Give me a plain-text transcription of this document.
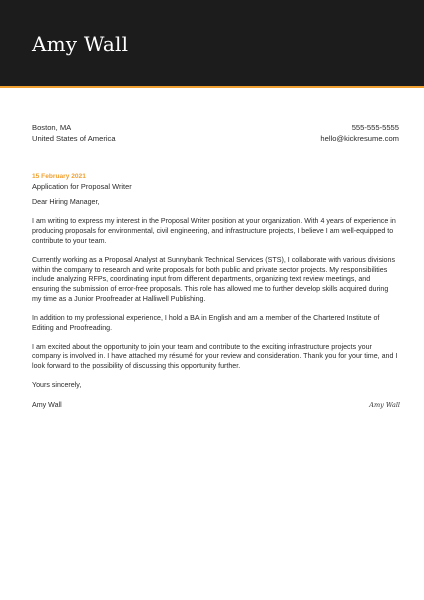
Amy Wall
Boston, MA
United States of America
555-555-5555
hello@kickresume.com
15 February 2021
Application for Proposal Writer

Dear Hiring Manager,

I am writing to express my interest in the Proposal Writer position at your organization. With 4 years of experience in producing proposals for environmental, civil engineering, and infrastructure projects, I believe I am well-equipped to contribute to your team.

Currently working as a Proposal Analyst at Sunnybank Technical Services (STS), I collaborate with various divisions within the company to research and write proposals for both public and private sector projects. My responsibilities include analyzing RFPs, coordinating input from different departments, organizing text review meetings, and ensuring the submission of error-free proposals. This role has allowed me to further develop skills acquired during my time as a Junior Proofreader at Halliwell Publishing.

In addition to my professional experience, I hold a BA in English and am a member of the Chartered Institute of Editing and Proofreading.

I am excited about the opportunity to join your team and contribute to the exciting infrastructure projects your company is involved in. I have attached my résumé for your review and consideration. Thank you for your time, and I look forward to the possibility of discussing this opportunity further.

Yours sincerely,

Amy Wall	Amy Wall
